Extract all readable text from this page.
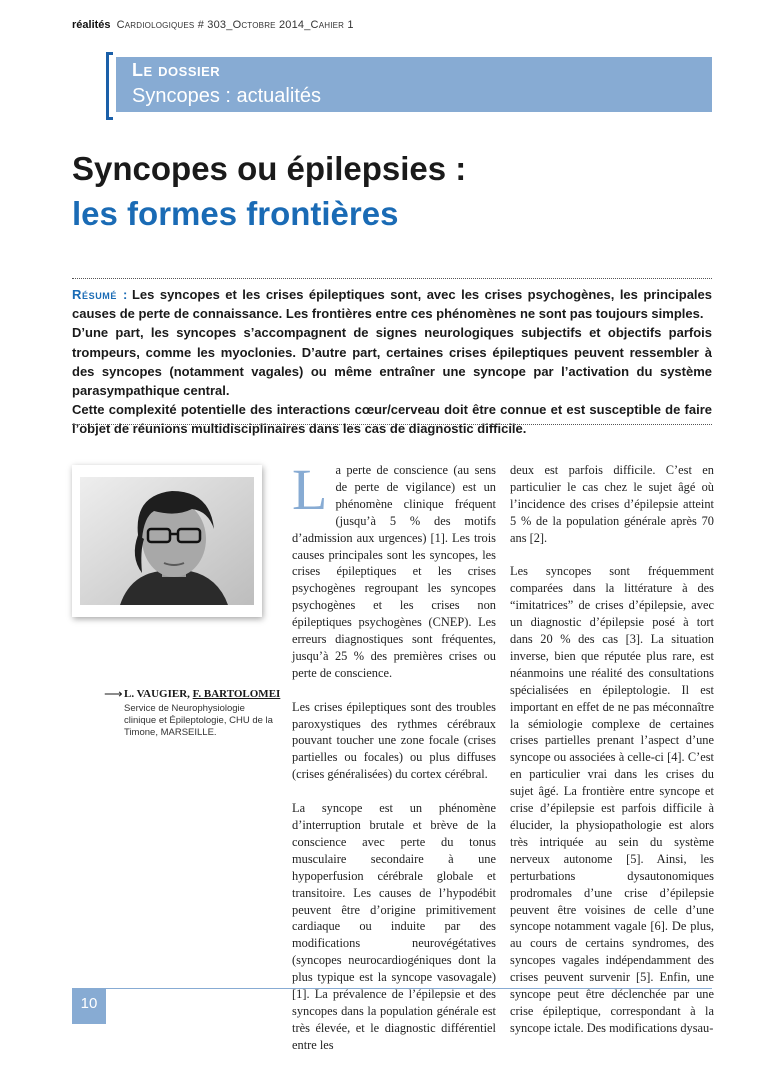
réalités Cardiologiques # 303_Octobre 2014_Cahier 1
Le dossier
Syncopes : actualités
Syncopes ou épilepsies :
les formes frontières

Résumé : Les syncopes et les crises épileptiques sont, avec les crises psychogènes, les principales causes de perte de connaissance. Les frontières entre ces phénomènes ne sont pas toujours simples.

D’une part, les syncopes s’accompagnent de signes neurologiques subjectifs et objectifs parfois trompeurs, comme les myoclonies. D’autre part, certaines crises épileptiques peuvent ressembler à des syncopes (notamment vagales) ou même entraîner une syncope par l’activation du système parasympathique central.

Cette complexité potentielle des interactions cœur/cerveau doit être connue et est susceptible de faire l’objet de réunions multidisciplinaires dans les cas de diagnostic difficile.

⟶ L. VAUGIER, F. BARTOLOMEI
Service de Neurophysiologie clinique et Épileptologie, CHU de la Timone, MARSEILLE.

La perte de conscience (au sens de perte de vigilance) est un phénomène clinique fréquent (jusqu’à 5 % des motifs d’admission aux urgences) [1]. Les trois causes principales sont les syncopes, les crises épileptiques et les crises psychogènes regroupant les syncopes psychogènes et les crises non épileptiques psychogènes (CNEP). Les erreurs diagnostiques sont fréquentes, jusqu’à 25 % des premières crises ou perte de conscience.

Les crises épileptiques sont des troubles paroxystiques des rythmes cérébraux pouvant toucher une zone focale (crises partielles ou focales) ou plus diffuses (crises généralisées) du cortex cérébral.

La syncope est un phénomène d’interruption brutale et brève de la conscience avec perte du tonus musculaire secondaire à une hypoperfusion cérébrale globale et transitoire. Les causes de l’hypodébit peuvent être d’origine primitivement cardiaque ou induite par des modifications neurovégétatives (syncopes neurocardiogéniques dont la plus typique est la syncope vasovagale) [1]. La prévalence de l’épilepsie et des syncopes dans la population générale est très élevée, et le diagnostic différentiel entre les

deux est parfois difficile. C’est en particulier le cas chez le sujet âgé où l’incidence des crises d’épilepsie atteint 5 % de la population générale après 70 ans [2].

Les syncopes sont fréquemment comparées dans la littérature à des “imitatrices” de crises d’épilepsie, avec un diagnostic d’épilepsie posé à tort dans 20 % des cas [3]. La situation inverse, bien que réputée plus rare, est néanmoins une réalité des consultations spécialisées en épileptologie. Il est important en effet de ne pas méconnaître la sémiologie complexe de certaines crises partielles prenant l’aspect d’une syncope ou associées à celle-ci [4]. C’est en particulier vrai dans les crises du sujet âgé. La frontière entre syncope et crise d’épilepsie est parfois difficile à élucider, la physiopathologie est alors très intriquée au sein du système nerveux autonome [5]. Ainsi, les perturbations dysautonomiques prodromales d’une crise d’épilepsie peuvent être voisines de celle d’une syncope notamment vagale [6]. De plus, au cours de certains syndromes, des syncopes vagales indépendamment des crises peuvent survenir [5]. Enfin, une syncope peut être déclenchée par une crise épileptique, correspondant à la syncope ictale. Des modifications dysau-

10
